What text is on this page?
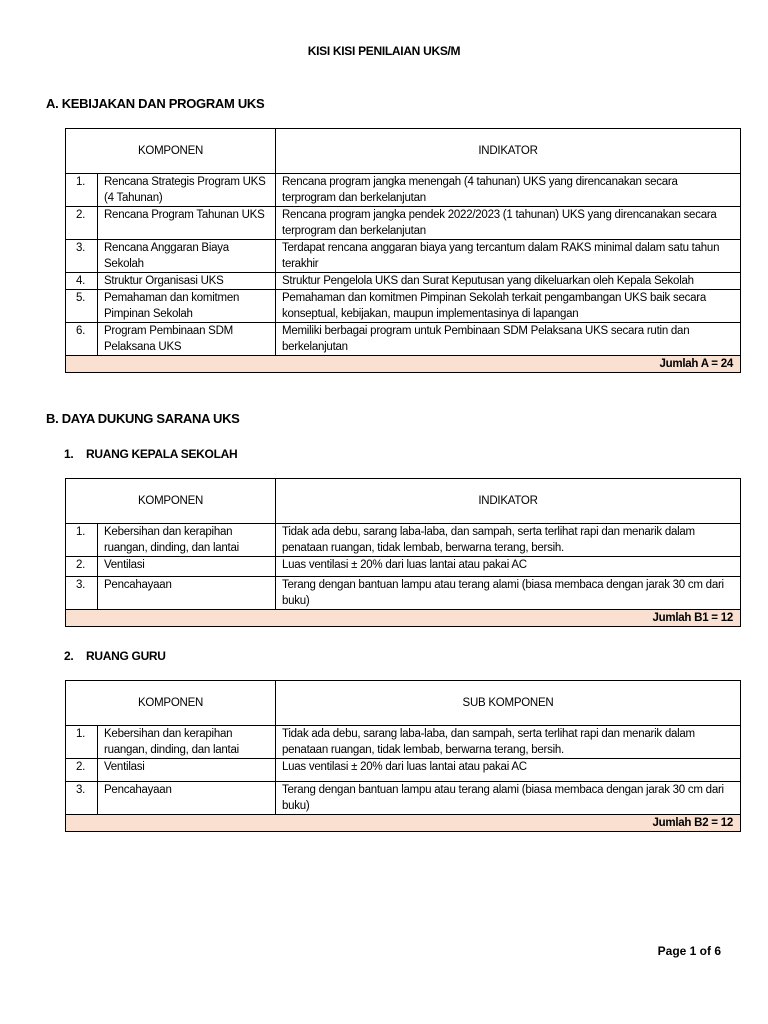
KISI KISI PENILAIAN UKS/M
A. KEBIJAKAN DAN PROGRAM UKS
KOMPONEN		INDIKATOR
1.	Rencana Strategis Program UKS (4 Tahunan)	Rencana program jangka menengah (4 tahunan) UKS yang direncanakan secara terprogram dan berkelanjutan
2.	Rencana Program Tahunan UKS	Rencana program jangka pendek 2022/2023 (1 tahunan) UKS yang direncanakan secara terprogram dan berkelanjutan
3.	Rencana Anggaran Biaya Sekolah	Terdapat rencana anggaran biaya yang tercantum dalam RAKS minimal dalam satu tahun terakhir
4.	Struktur Organisasi UKS	Struktur Pengelola UKS dan Surat Keputusan yang dikeluarkan oleh Kepala Sekolah
5.	Pemahaman dan komitmen Pimpinan Sekolah	Pemahaman dan komitmen Pimpinan Sekolah terkait pengambangan UKS baik secara konseptual, kebijakan, maupun implementasinya di lapangan
6.	Program Pembinaan SDM Pelaksana UKS	Memiliki berbagai program untuk Pembinaan SDM Pelaksana UKS secara rutin dan berkelanjutan
Jumlah A = 24		
B. DAYA DUKUNG SARANA UKS
1. RUANG KEPALA SEKOLAH
KOMPONEN		INDIKATOR
1.	Kebersihan dan kerapihan ruangan, dinding, dan lantai	Tidak ada debu, sarang laba-laba, dan sampah, serta terlihat rapi dan menarik dalam penataan ruangan, tidak lembab, berwarna terang, bersih.
2.	Ventilasi	Luas ventilasi ± 20% dari luas lantai atau pakai AC
3.	Pencahayaan	Terang dengan bantuan lampu atau terang alami (biasa membaca dengan jarak 30 cm dari buku)
Jumlah B1 = 12		
2. RUANG GURU
KOMPONEN		SUB KOMPONEN
1.	Kebersihan dan kerapihan ruangan, dinding, dan lantai	Tidak ada debu, sarang laba-laba, dan sampah, serta terlihat rapi dan menarik dalam penataan ruangan, tidak lembab, berwarna terang, bersih.
2.	Ventilasi	Luas ventilasi ± 20% dari luas lantai atau pakai AC
3.	Pencahayaan	Terang dengan bantuan lampu atau terang alami (biasa membaca dengan jarak 30 cm dari buku)
Jumlah B2 = 12		
Page 1 of 6
